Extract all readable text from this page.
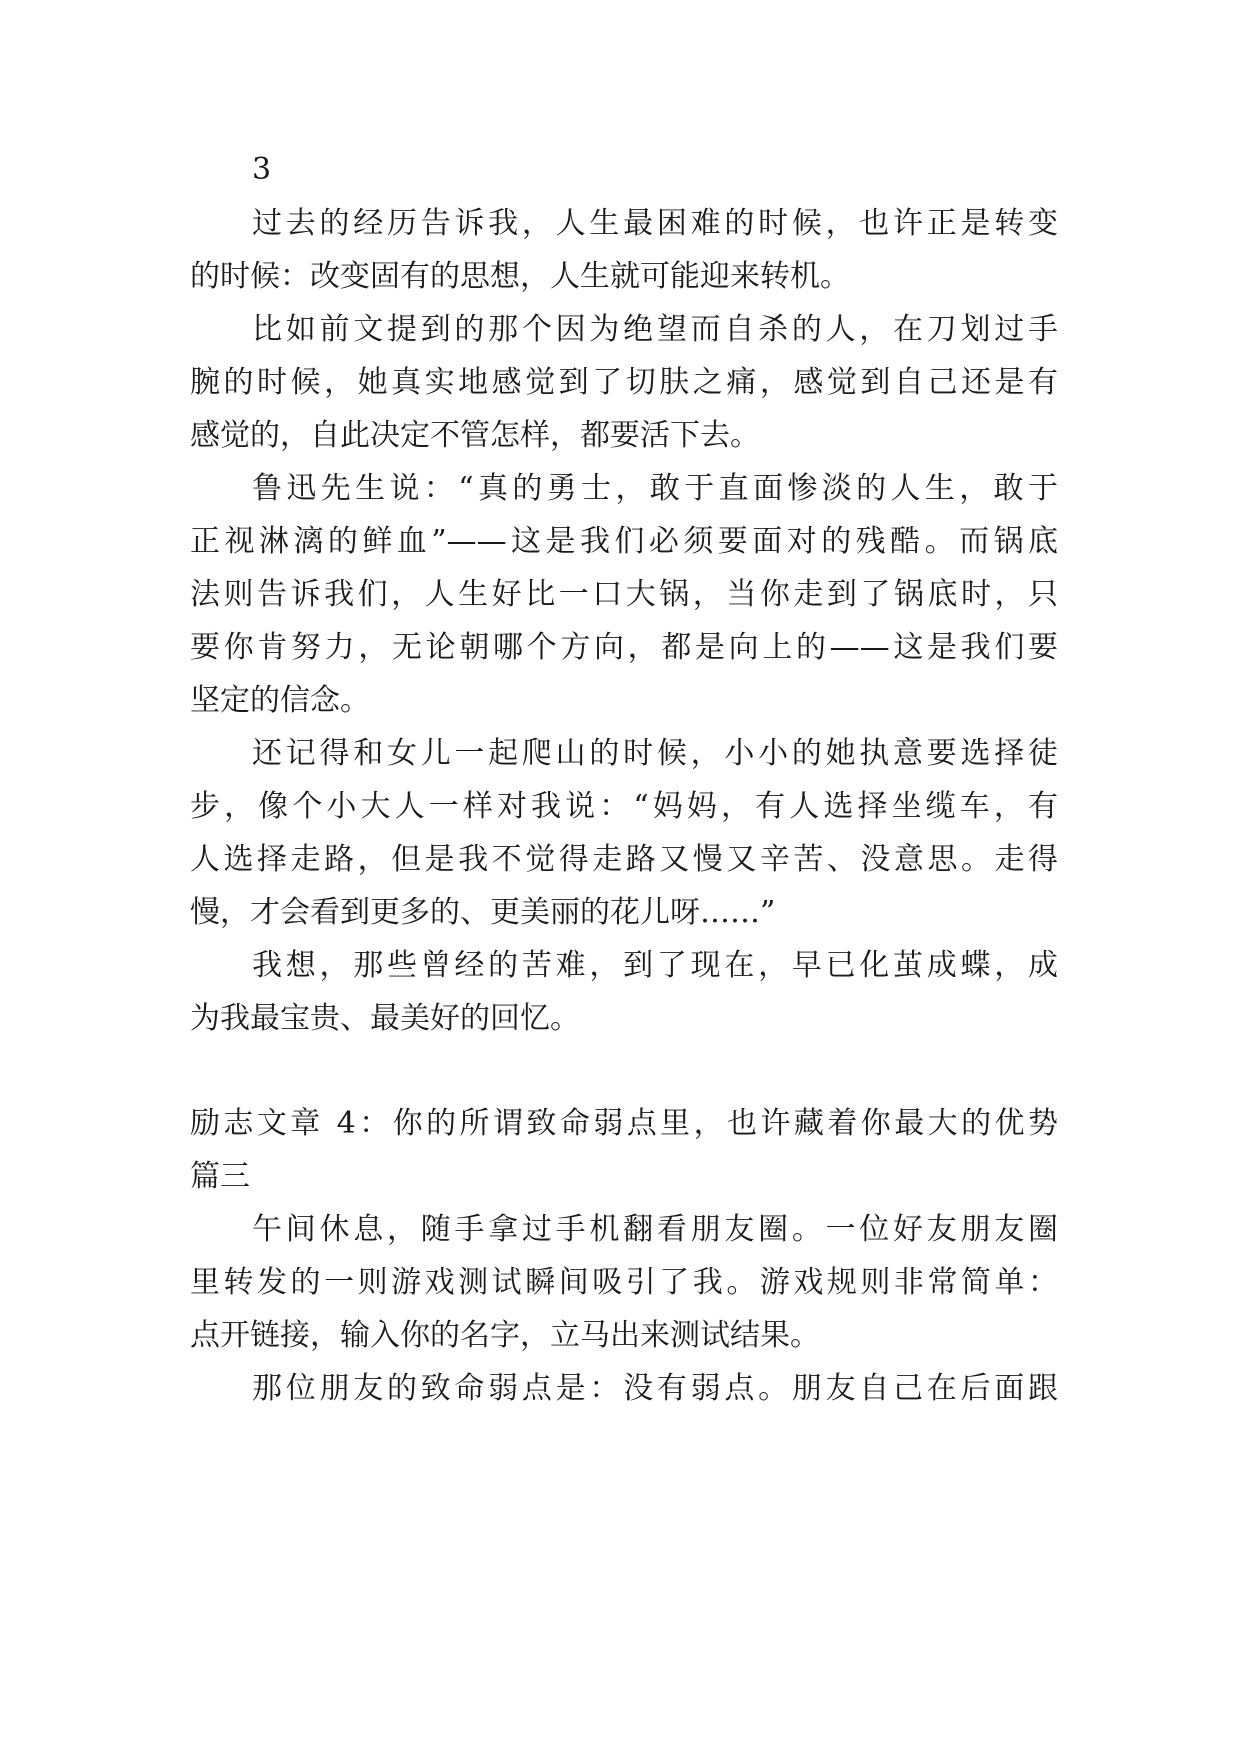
3
过去的经历告诉我，人生最困难的时候，也许正是转变
的时候：改变固有的思想，人生就可能迎来转机。
比如前文提到的那个因为绝望而自杀的人，在刀划过手
腕的时候，她真实地感觉到了切肤之痛，感觉到自己还是有
感觉的，自此决定不管怎样，都要活下去。
鲁迅先生说：“真的勇士，敢于直面惨淡的人生，敢于
正视淋漓的鲜血”——这是我们必须要面对的残酷。而锅底
法则告诉我们，人生好比一口大锅，当你走到了锅底时，只
要你肯努力，无论朝哪个方向，都是向上的——这是我们要
坚定的信念。
还记得和女儿一起爬山的时候，小小的她执意要选择徒
步，像个小大人一样对我说：“妈妈，有人选择坐缆车，有
人选择走路，但是我不觉得走路又慢又辛苦、没意思。走得
慢，才会看到更多的、更美丽的花儿呀……”
我想，那些曾经的苦难，到了现在，早已化茧成蝶，成
为我最宝贵、最美好的回忆。
励志文章 4：你的所谓致命弱点里，也许藏着你最大的优势
篇三
午间休息，随手拿过手机翻看朋友圈。一位好友朋友圈
里转发的一则游戏测试瞬间吸引了我。游戏规则非常简单：
点开链接，输入你的名字，立马出来测试结果。
那位朋友的致命弱点是：没有弱点。朋友自己在后面跟
